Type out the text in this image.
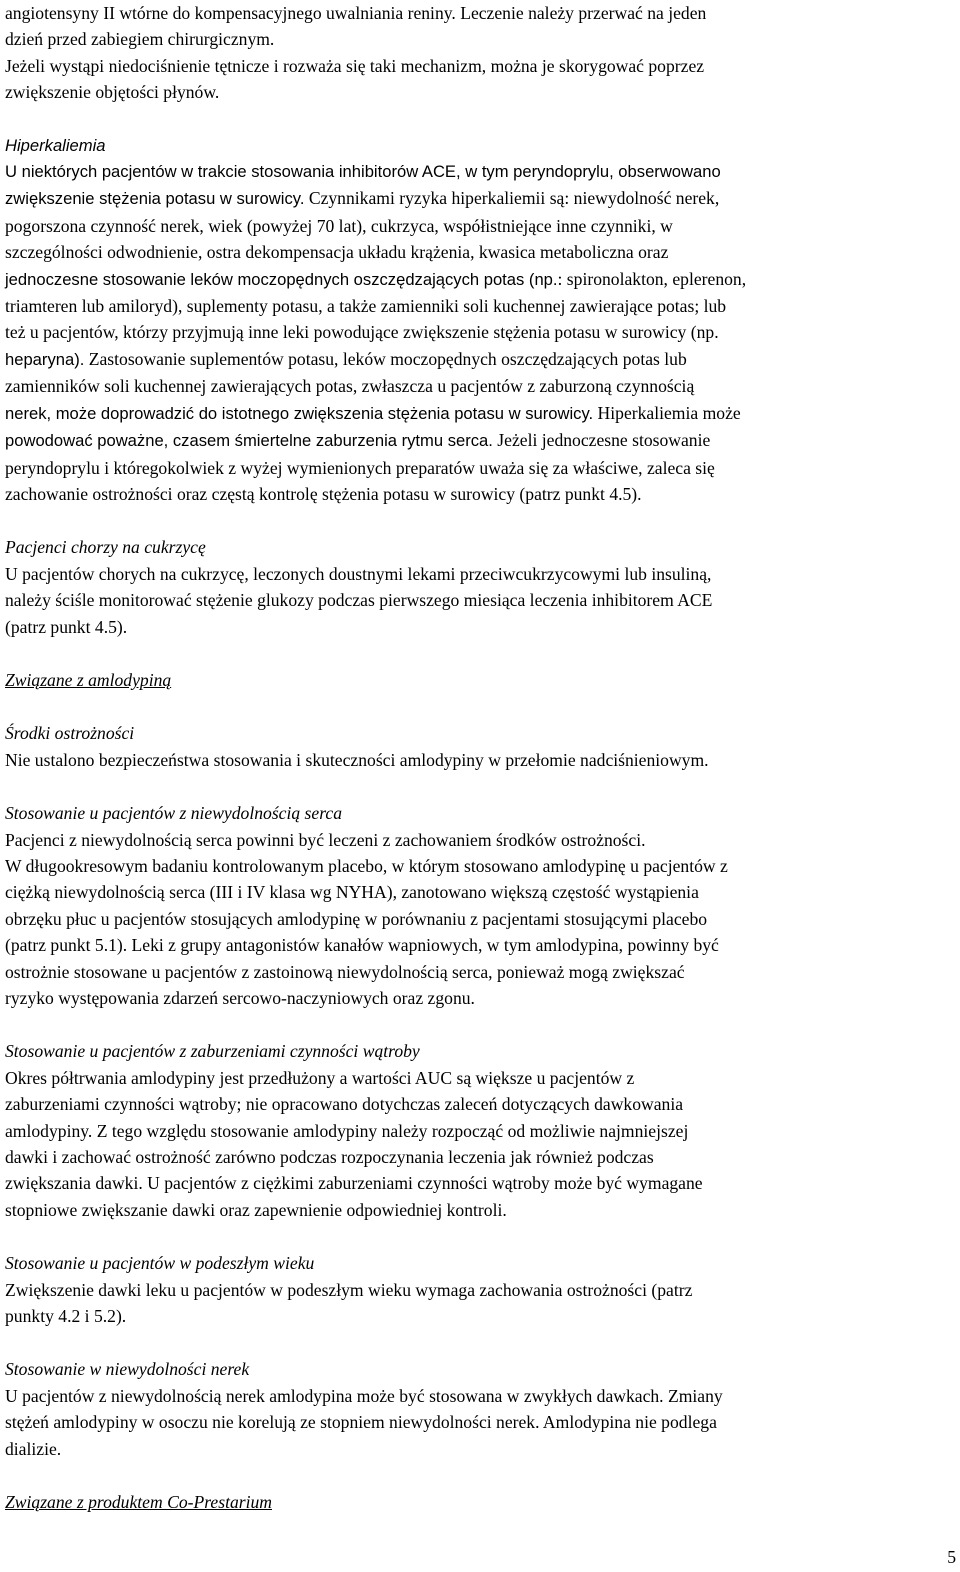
angiotensyny II wtórne do kompensacyjnego uwalniania reniny. Leczenie należy przerwać na jeden

dzień przed zabiegiem chirurgicznym.

Jeżeli wystąpi niedociśnienie tętnicze i rozważa się taki mechanizm, można je skorygować poprzez

zwiększenie objętości płynów.

Hiperkaliemia

U niektórych pacjentów w trakcie stosowania inhibitorów ACE, w tym peryndoprylu, obserwowano

zwiększenie stężenia potasu w surowicy. Czynnikami ryzyka hiperkaliemii są: niewydolność nerek,

pogorszona czynność nerek, wiek (powyżej 70 lat), cukrzyca, współistniejące inne czynniki, w

szczególności odwodnienie, ostra dekompensacja układu krążenia, kwasica metaboliczna oraz

jednoczesne stosowanie leków moczopędnych oszczędzających potas (np.: spironolakton, eplerenon,

triamteren lub amiloryd), suplementy potasu, a także zamienniki soli kuchennej zawierające potas; lub

też u pacjentów, którzy przyjmują inne leki powodujące zwiększenie stężenia potasu w surowicy (np.

heparyna). Zastosowanie suplementów potasu, leków moczopędnych oszczędzających potas lub

zamienników soli kuchennej zawierających potas, zwłaszcza u pacjentów z zaburzoną czynnością

nerek, może doprowadzić do istotnego zwiększenia stężenia potasu w surowicy. Hiperkaliemia może

powodować poważne, czasem śmiertelne zaburzenia rytmu serca. Jeżeli jednoczesne stosowanie

peryndoprylu i któregokolwiek z wyżej wymienionych preparatów uważa się za właściwe, zaleca się

zachowanie ostrożności oraz częstą kontrolę stężenia potasu w surowicy (patrz punkt 4.5).

Pacjenci chorzy na cukrzycę

U pacjentów chorych na cukrzycę, leczonych doustnymi lekami przeciwcukrzycowymi lub insuliną,

należy ściśle monitorować stężenie glukozy podczas pierwszego miesiąca leczenia inhibitorem ACE

(patrz punkt 4.5).

Związane z amlodypiną

Środki ostrożności

Nie ustalono bezpieczeństwa stosowania i skuteczności amlodypiny w przełomie nadciśnieniowym.

Stosowanie u pacjentów z niewydolnością serca

Pacjenci z niewydolnością serca powinni być leczeni z zachowaniem środków ostrożności.

W długookresowym badaniu kontrolowanym placebo, w którym stosowano amlodypinę u pacjentów z

ciężką niewydolnością serca (III i IV klasa wg NYHA), zanotowano większą częstość wystąpienia

obrzęku płuc u pacjentów stosujących amlodypinę w porównaniu z pacjentami stosującymi placebo

(patrz punkt 5.1). Leki z grupy antagonistów kanałów wapniowych, w tym amlodypina, powinny być

ostrożnie stosowane u pacjentów z zastoinową niewydolnością serca, ponieważ mogą zwiększać

ryzyko występowania zdarzeń sercowo-naczyniowych oraz zgonu.

Stosowanie u pacjentów z zaburzeniami czynności wątroby

Okres półtrwania amlodypiny jest przedłużony a wartości AUC są większe u pacjentów z

zaburzeniami czynności wątroby; nie opracowano dotychczas zaleceń dotyczących dawkowania

amlodypiny. Z tego względu stosowanie amlodypiny należy rozpocząć od możliwie najmniejszej

dawki i zachować ostrożność zarówno podczas rozpoczynania leczenia jak również podczas

zwiększania dawki. U pacjentów z ciężkimi zaburzeniami czynności wątroby może być wymagane

stopniowe zwiększanie dawki oraz zapewnienie odpowiedniej kontroli.

Stosowanie u pacjentów w podeszłym wieku

Zwiększenie dawki leku u pacjentów w podeszłym wieku wymaga zachowania ostrożności (patrz

punkty 4.2 i 5.2).

Stosowanie w niewydolności nerek

U pacjentów z niewydolnością nerek amlodypina może być stosowana w zwykłych dawkach. Zmiany

stężeń amlodypiny w osoczu nie korelują ze stopniem niewydolności nerek. Amlodypina nie podlega

dializie.

Związane z produktem Co-Prestarium

5
